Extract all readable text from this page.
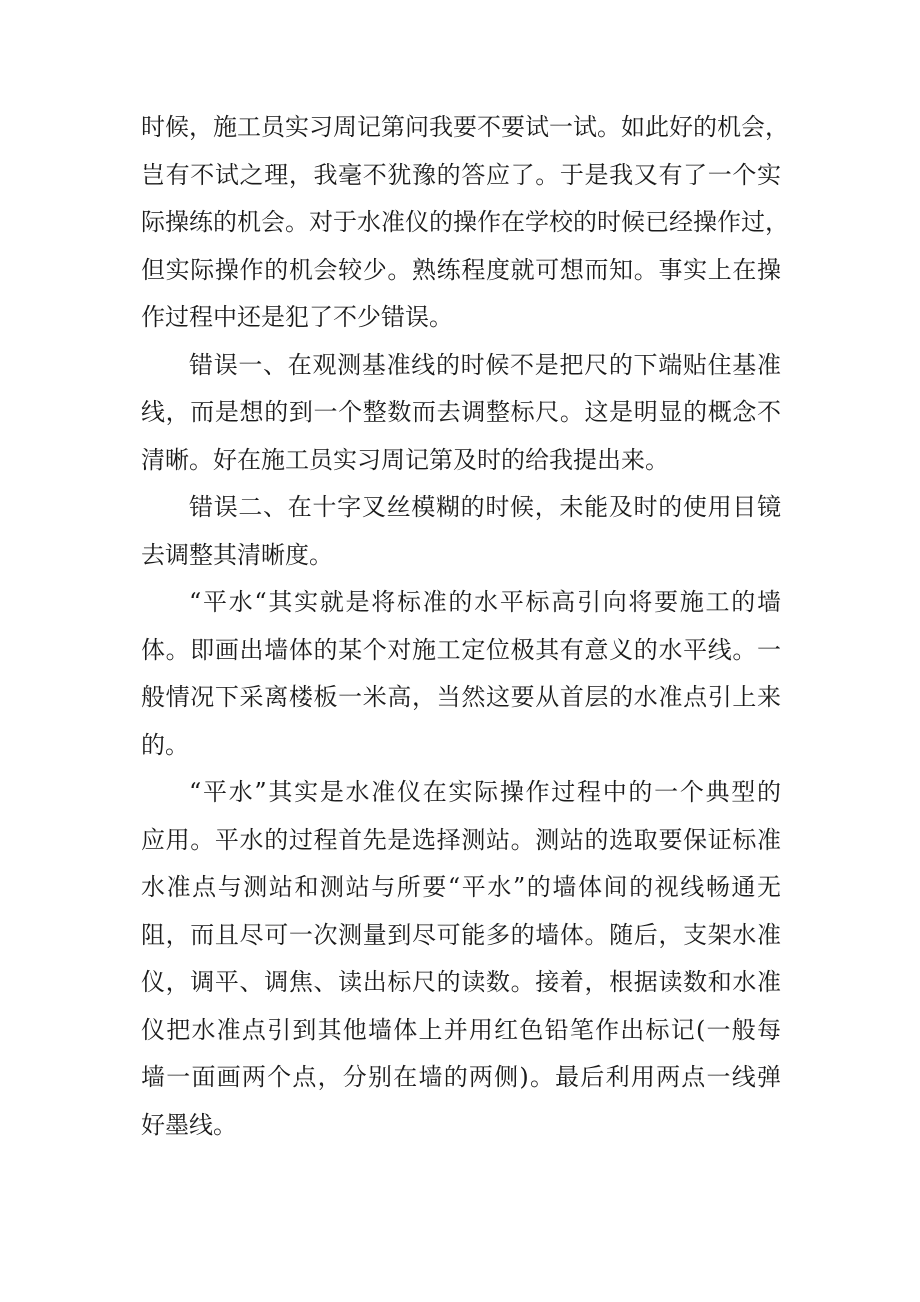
时候，施工员实习周记第问我要不要试一试。如此好的机会，
岂有不试之理，我毫不犹豫的答应了。于是我又有了一个实
际操练的机会。对于水准仪的操作在学校的时候已经操作过，
但实际操作的机会较少。熟练程度就可想而知。事实上在操
作过程中还是犯了不少错误。
错误一、在观测基准线的时候不是把尺的下端贴住基准
线，而是想的到一个整数而去调整标尺。这是明显的概念不
清晰。好在施工员实习周记第及时的给我提出来。
错误二、在十字叉丝模糊的时候，未能及时的使用目镜
去调整其清晰度。
“平水“其实就是将标准的水平标高引向将要施工的墙
体。即画出墙体的某个对施工定位极其有意义的水平线。一
般情况下采离楼板一米高，当然这要从首层的水准点引上来
的。
“平水”其实是水准仪在实际操作过程中的一个典型的
应用。平水的过程首先是选择测站。测站的选取要保证标准
水准点与测站和测站与所要“平水”的墙体间的视线畅通无
阻，而且尽可一次测量到尽可能多的墙体。随后，支架水准
仪，调平、调焦、读出标尺的读数。接着，根据读数和水准
仪把水准点引到其他墙体上并用红色铅笔作出标记(一般每
墙一面画两个点，分别在墙的两侧)。最后利用两点一线弹
好墨线。
